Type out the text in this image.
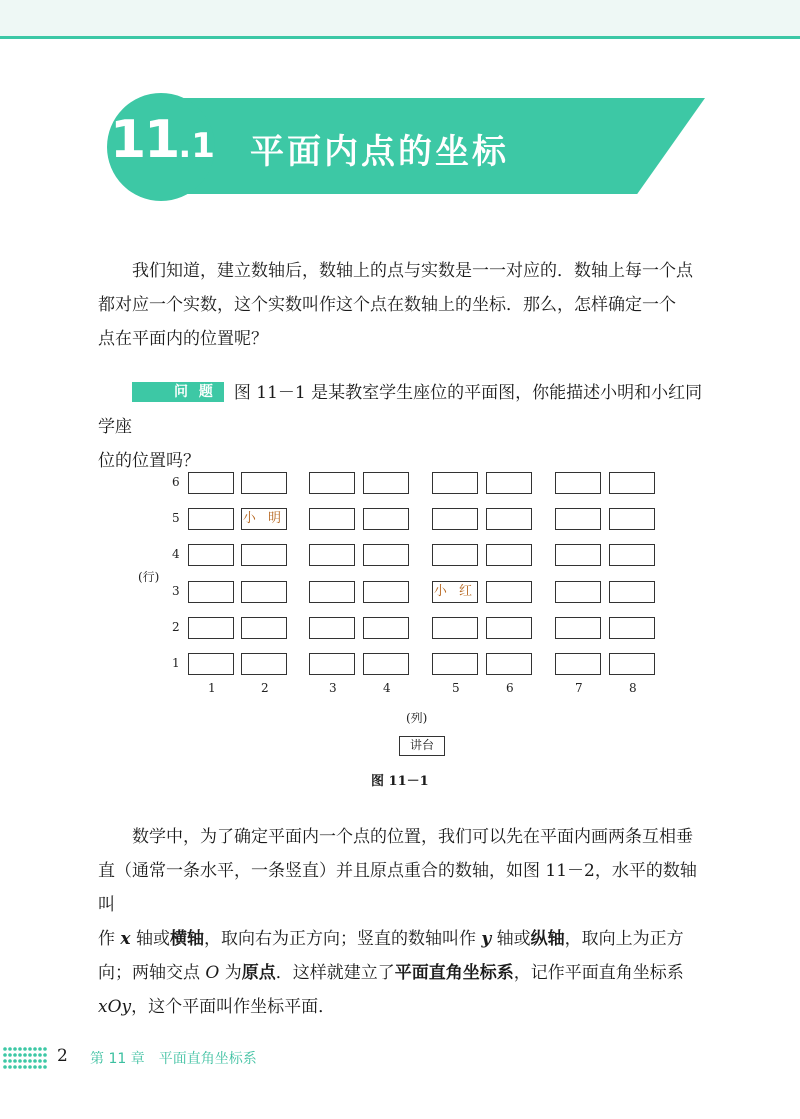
11.1 平面内点的坐标

我们知道，建立数轴后，数轴上的点与实数是一一对应的．数轴上每一个点

都对应一个实数，这个实数叫作这个点在数轴上的坐标．那么，怎样确定一个

点在平面内的位置呢？

问 题 图 11－1 是某教室学生座位的平面图，你能描述小明和小红同学座

位的位置吗？

小 明
小 红
6
5
4
3
2
1
1	2	3	4	5	6	7	8
(行)
(列)
讲台
图 11－1

数学中，为了确定平面内一个点的位置，我们可以先在平面内画两条互相垂

直（通常一条水平，一条竖直）并且原点重合的数轴，如图 11－2，水平的数轴叫

作 x 轴或横轴，取向右为正方向；竖直的数轴叫作 y 轴或纵轴，取向上为正方

向；两轴交点 O 为原点．这样就建立了平面直角坐标系，记作平面直角坐标系

xOy，这个平面叫作坐标平面．

2 第 11 章 平面直角坐标系
